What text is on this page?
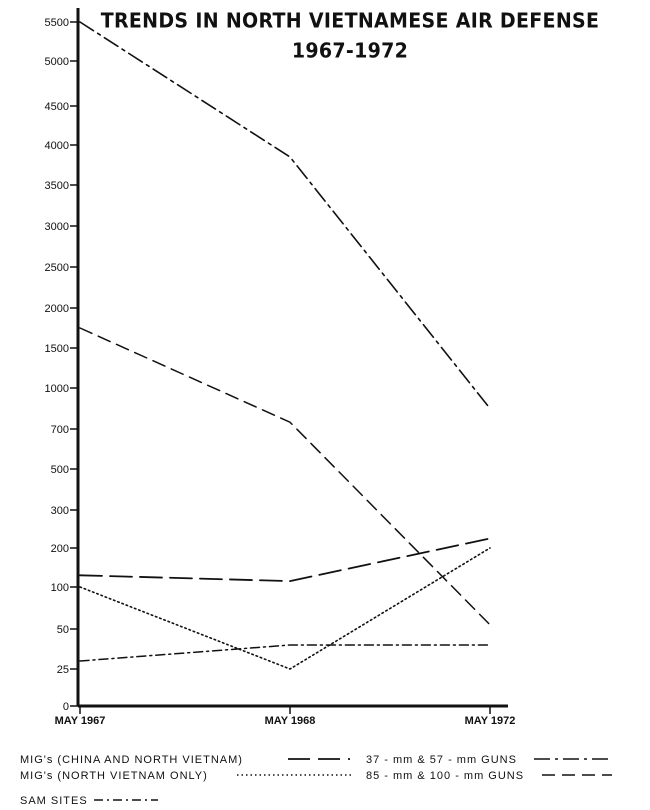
TRENDS IN NORTH VIETNAMESE AIR DEFENSE
1967-1972
0
25
50
100
200
300
500
700
1000
1500
2000
2500
3000
3500
4000
4500
5000
5500
MAY 1967	MAY 1968	MAY 1972
MIG's (CHINA AND NORTH VIETNAM)
MIG's (NORTH VIETNAM ONLY)
SAM SITES
37 - mm & 57 - mm GUNS
85 - mm & 100 - mm GUNS
